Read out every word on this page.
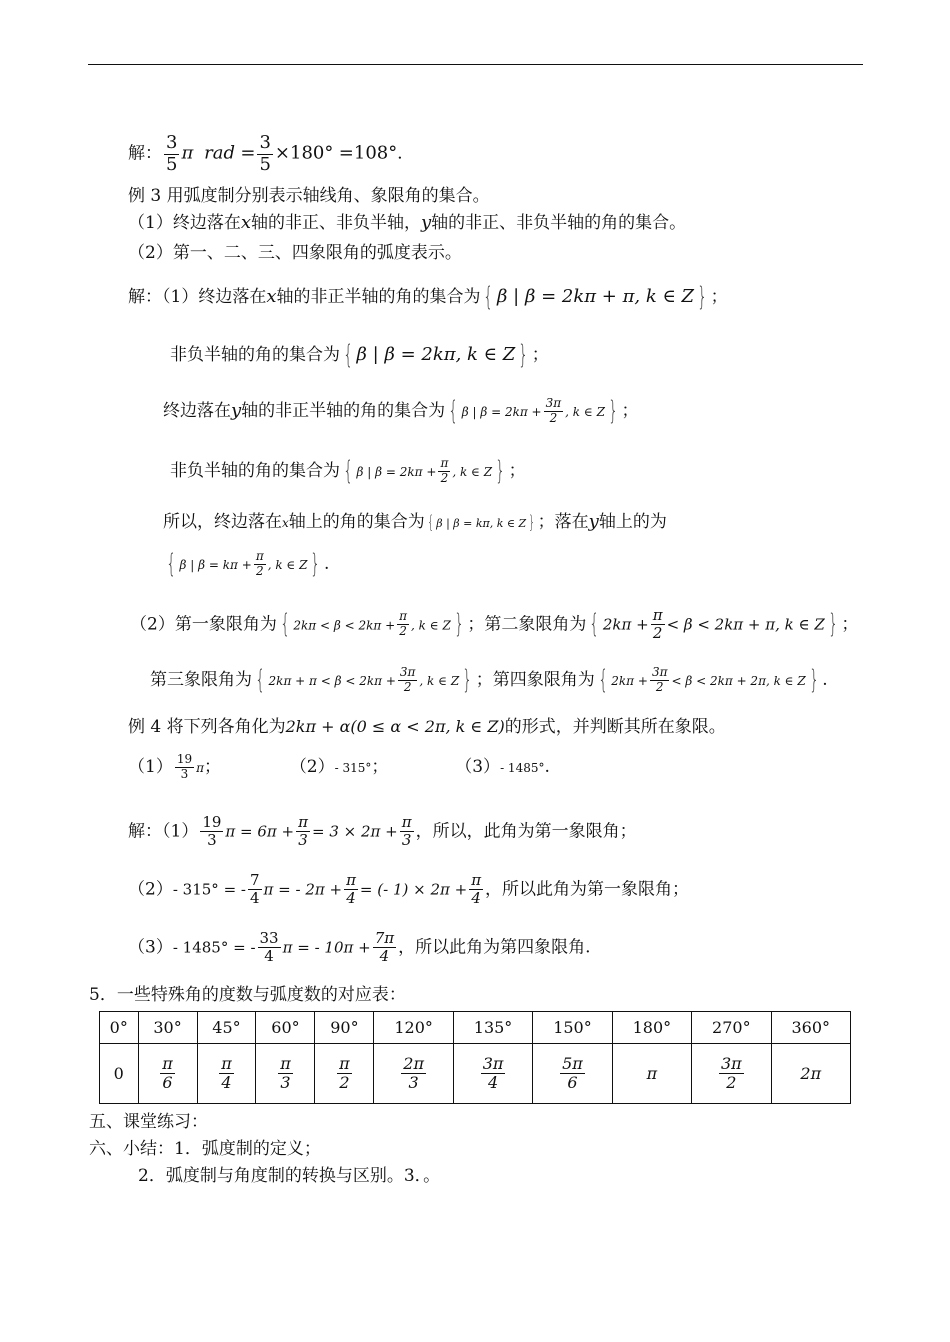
解： $\frac{3}{5}$ π rad = $\frac{3}{5} \times 180^\circ =108^\circ$．
例 3 用弧度制分别表示轴线角、象限角的集合。
（1）终边落在x轴的非正、非负半轴，y轴的非正、非负半轴的角的集合。
（2）第一、二、三、四象限角的弧度表示。
解：（1）终边落在x轴的非正半轴的角的集合为 { β | β = 2kπ + π, k ∈ Z } ；
非负半轴的角的集合为 { β | β = 2kπ, k ∈ Z } ；
终边落在y轴的非正半轴的角的集合为 { β | $\beta = 2k\pi + \frac{3\pi}{2}$ , k ∈ Z } ；
非负半轴的角的集合为 { β | $\beta = 2k\pi + \frac{\pi}{2}$ , k ∈ Z } ；
所以，终边落在x轴上的角的集合为 { β | β = kπ, k ∈ Z } ；落在y轴上的为
{ β | $\beta = k\pi + \frac{\pi}{2}$ , k ∈ Z } .
（2）第一象限角为 { $2k\pi < \beta < 2k\pi + \frac{\pi}{2}$ , k ∈ Z } ；第二象限角为 { $2k\pi + \frac{\pi}{2} < \beta < 2k\pi + \pi$, k ∈ Z } ；
第三象限角为 { $2k\pi + \pi < \beta < 2k\pi + \frac{3\pi}{2}$ , k ∈ Z } ；第四象限角为 { $2k\pi + \frac{3\pi}{2} < \beta < 2k\pi + 2\pi$, k ∈ Z } .
例 4 将下列各角化为2kπ + α(0 ≤ α < 2π, k ∈ Z)的形式，并判断其所在象限。
$(1) \frac{19}{3}$ π；	（2）- 315°；	（3）- 1485°.
解：$(1) \frac{19}{3}$ $\pi = 6\pi + \frac{\pi}{3} = 3 \times 2\pi + \frac{\pi}{3}$ ，所以，此角为第一象限角；
（2）- 315° = - $\frac{7}{4}$ π = - $2\pi + \frac{\pi}{4}$ = (- $1) \times 2\pi + \frac{\pi}{4}$ ，所以此角为第一象限角；
（3）- 1485° = - $\frac{33}{4}$ π = - $10\pi + \frac{7\pi}{4}$ ，所以此角为第四象限角.
5．一些特殊角的度数与弧度数的对应表：
0°	30°	45°	60°	90°	120°	135°	150°	180°	270°	360°
0	$\frac{\pi}{6}$	$\frac{\pi}{4}$	$\frac{\pi}{3}$	$\frac{\pi}{2}$	$\frac{2\pi}{3}$	$\frac{3\pi}{4}$	$\frac{5\pi}{6}$	π	$\frac{3\pi}{2}$	2π
五、课堂练习：
六、小结：1．弧度制的定义；
2．弧度制与角度制的转换与区别。3．。
